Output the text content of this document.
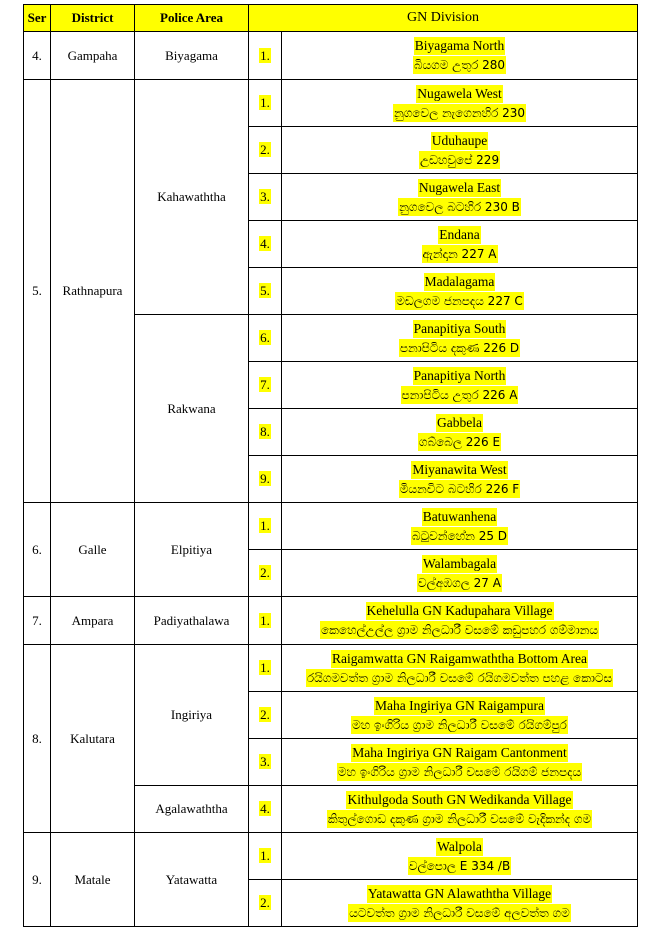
Ser	District	Police Area	GN Division	
4.	Gampaha	Biyagama	1.	Biyagama North
බියගම උතුර 280

5.	Rathnapura	Kahawaththa	1.	Nugawela West
නුගවෙල නැගෙනහිර 230

			2.	Uduhaupe
උඩහවුපේ 229

			3.	Nugawela East
නුගවෙල බටහිර 230 B

			4.	Endana
ඇන්දාන 227 A

			5.	Madalagama
මඩලගම ජනපදය 227 C

		Rakwana	6.	Panapitiya South
පනාපිටිය දකුණ 226 D

			7.	Panapitiya North
පනාපිටිය උතුර 226 A

			8.	Gabbela
ගබ්බෙල 226 E

			9.	Miyanawita West
මියනවිට බටහිර 226 F

6.	Galle	Elpitiya	1.	Batuwanhena
බටුවන්හේන 25 D

			2.	Walambagala
වල්අඹගල 27 A

7.	Ampara	Padiyathalawa	1.	Kehelulla GN Kadupahara Village
කෙහෙල්උල්ල ග්‍රාම නිලධාරී වසමේ කඩුපහර ගම්මානය

8.	Kalutara	Ingiriya	1.	Raigamwatta GN Raigamwaththa Bottom Area
රයිගමවත්ත ග්‍රාම නිලධාරී වසමේ රයිගමවත්ත පහළ කොටස

			2.	Maha Ingiriya GN Raigampura
මහ ඉංගිරිය ග්‍රාම නිලධාරී වසමේ රයිගම්පුර

			3.	Maha Ingiriya GN Raigam Cantonment
මහ ඉංගිරිය ග්‍රාම නිලධාරී වසමේ රයිගම් ජනපදය

		Agalawaththa	4.	Kithulgoda South GN Wedikanda Village
කිතුල්ගොඩ දකුණ ග්‍රාම නිලධාරී වසමේ වැදිකන්ද ගම

9.	Matale	Yatawatta	1.	Walpola
වල්පොල E 334 /B

			2.	Yatawatta GN Alawaththa Village
යටවත්ත ග්‍රාම නිලධාරී වසමේ අලවත්ත ගම
